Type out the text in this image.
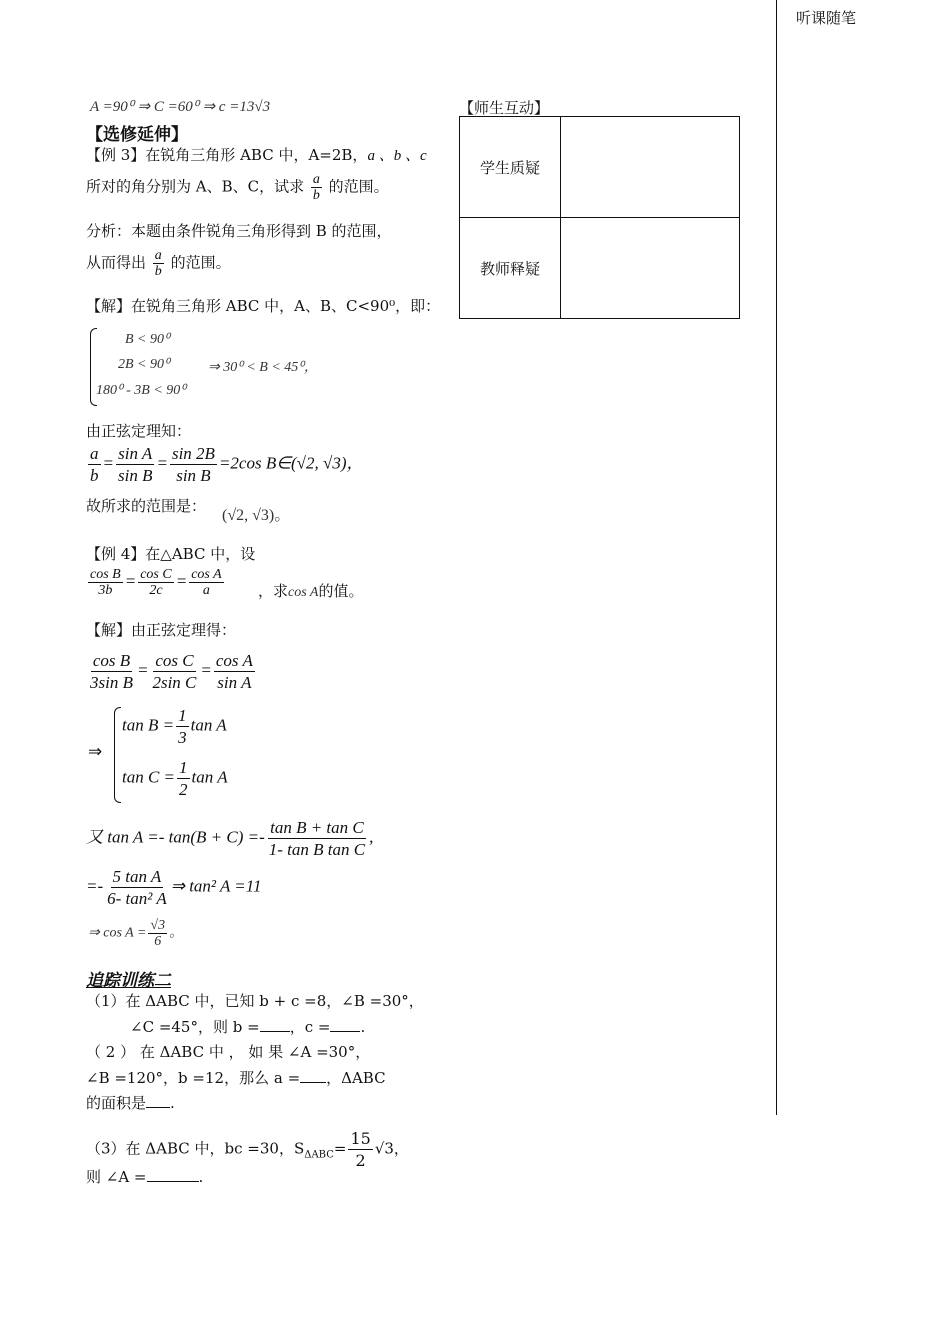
听课随笔
A =90⁰ ⇒ C =60⁰ ⇒ c =13√3	【师生互动】
学生质疑	
教师释疑	
【选修延伸】
【例 3】在锐角三角形 ABC 中，A=2B，a 、b 、c
所对的角分别为 A、B、C，试求 $\frac{a}{b}$ 的范围。
分析：本题由条件锐角三角形得到 B 的范围，
从而得出 $\frac{a}{b}$ 的范围。
【解】在锐角三角形 ABC 中，A、B、C<90⁰，即：
B < 90⁰
2B < 90⁰
180⁰ - 3B < 90⁰
⇒ 30⁰ < B < 45⁰，
由正弦定理知：
$\frac{a}{b} = \frac{\text{sin A}}{\text{sin B}} = \frac{\sin 2B}{\text{sin B}} =2\cos$ B∈(√2, √3)，
故所求的范围是：
(√2, √3)。
【例 4】在△ABC 中，设
$\frac{\text{cos B}}{3b} = \frac{\text{cos C}}{2c} = \frac{\text{cos A}}{a}$ ，求cos A的值。
【解】由正弦定理得：
$\frac{\text{cos B}}{\text{3sin B}} = \frac{\text{cos C}}{\text{2sin C}} = \frac{\text{cos A}}{\text{sin A}}$
⇒
$\tan B = \frac{1}{3}$ tan A
$\tan C = \frac{1}{2}$ tan A
又 $\tan A =- \tan(B + C) =- \frac{\text{tan B + tan C}}{\text{1- tan B tan C}}$ ,
=- $\frac{\text{5 tan A}}{\text{6- tan² A}}$ ⇒ tan² A =11
⇒ $\cos A = \frac{√3}{6}$ 。
追踪训练二
（1）在 ΔABC 中，已知 b + c =8，∠B =30°，
∠C =45°，则 b = ，c = .
（ 2 ） 在 ΔABC 中 ， 如 果 ∠A =30°，
∠B =120°，b =12，那么 a = ，ΔABC
的面积是 .
（3）在 ΔABC 中，bc =30，$S_{\Delta ABC}= \frac{15}{2} √3$，
则 ∠A =	.
